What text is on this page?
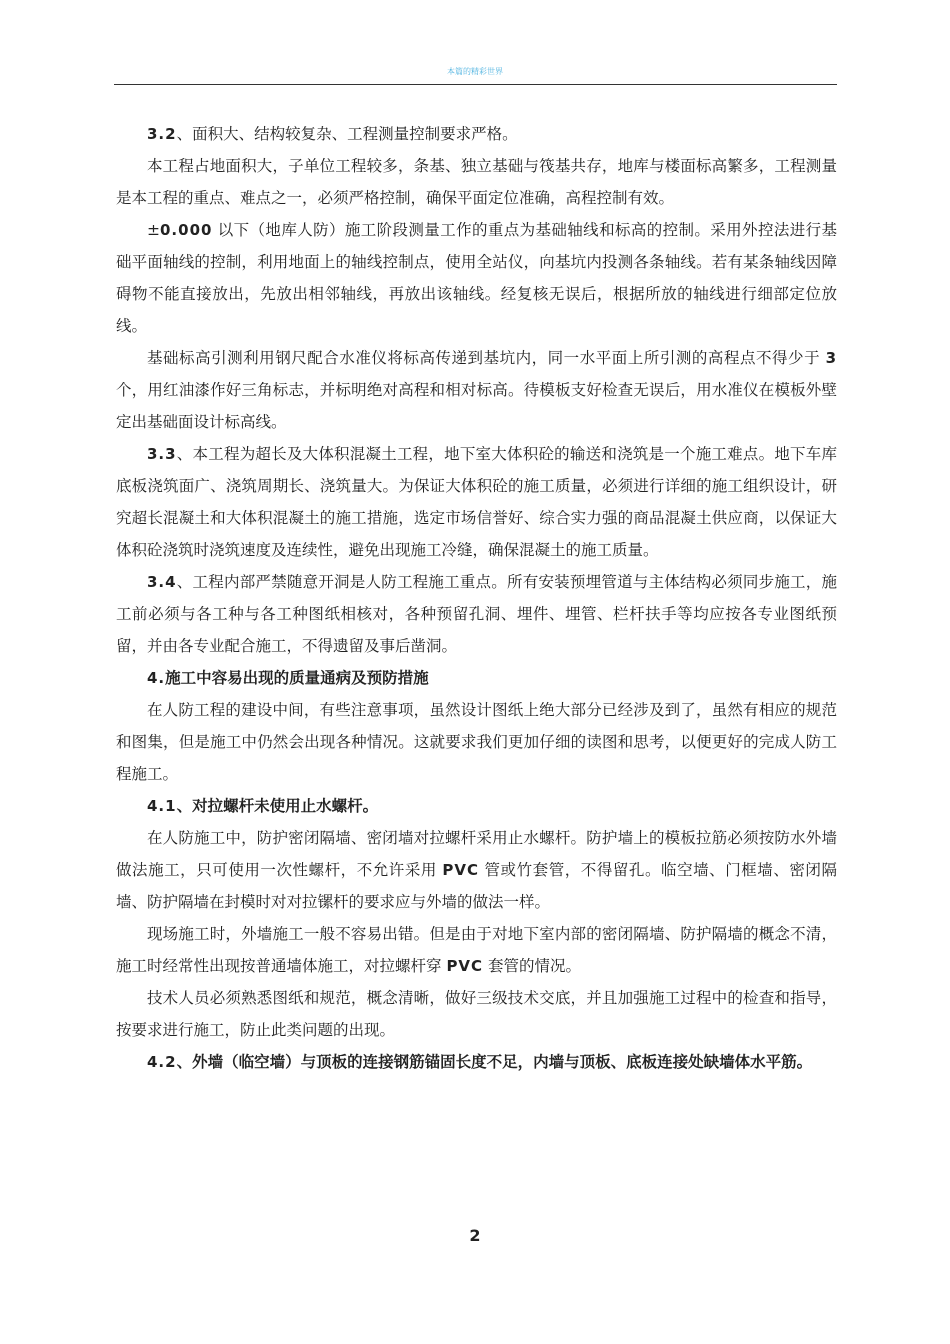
本篇的精彩世界

3.2、面积大、结构较复杂、工程测量控制要求严格。

本工程占地面积大，子单位工程较多，条基、独立基础与筏基共存，地库与楼面标高繁多，工程测量是本工程的重点、难点之一，必须严格控制，确保平面定位准确，高程控制有效。

±0.000 以下（地库人防）施工阶段测量工作的重点为基础轴线和标高的控制。采用外控法进行基础平面轴线的控制，利用地面上的轴线控制点，使用全站仪，向基坑内投测各条轴线。若有某条轴线因障碍物不能直接放出，先放出相邻轴线，再放出该轴线。经复核无误后，根据所放的轴线进行细部定位放线。

基础标高引测利用钢尺配合水准仪将标高传递到基坑内，同一水平面上所引测的高程点不得少于 3 个，用红油漆作好三角标志，并标明绝对高程和相对标高。待模板支好检查无误后，用水准仪在模板外壁定出基础面设计标高线。

3.3、本工程为超长及大体积混凝土工程，地下室大体积砼的输送和浇筑是一个施工难点。地下车库底板浇筑面广、浇筑周期长、浇筑量大。为保证大体积砼的施工质量，必须进行详细的施工组织设计，研究超长混凝土和大体积混凝土的施工措施，选定市场信誉好、综合实力强的商品混凝土供应商，以保证大体积砼浇筑时浇筑速度及连续性，避免出现施工冷缝，确保混凝土的施工质量。

3.4、工程内部严禁随意开洞是人防工程施工重点。所有安装预埋管道与主体结构必须同步施工，施工前必须与各工种与各工种图纸相核对，各种预留孔洞、埋件、埋管、栏杆扶手等均应按各专业图纸预留，并由各专业配合施工，不得遗留及事后凿洞。

4.施工中容易出现的质量通病及预防措施

在人防工程的建设中间，有些注意事项，虽然设计图纸上绝大部分已经涉及到了，虽然有相应的规范和图集，但是施工中仍然会出现各种情况。这就要求我们更加仔细的读图和思考，以便更好的完成人防工程施工。

4.1、对拉螺杆未使用止水螺杆。

在人防施工中，防护密闭隔墙、密闭墙对拉螺杆采用止水螺杆。防护墙上的模板拉筋必须按防水外墙做法施工，只可使用一次性螺杆，不允许采用 PVC 管或竹套管，不得留孔。临空墙、门框墙、密闭隔墙、防护隔墙在封模时对对拉镙杆的要求应与外墙的做法一样。

现场施工时，外墙施工一般不容易出错。但是由于对地下室内部的密闭隔墙、防护隔墙的概念不清，施工时经常性出现按普通墙体施工，对拉螺杆穿 PVC 套管的情况。

技术人员必须熟悉图纸和规范，概念清晰，做好三级技术交底，并且加强施工过程中的检查和指导，按要求进行施工，防止此类问题的出现。

4.2、外墙（临空墙）与顶板的连接钢筋锚固长度不足，内墙与顶板、底板连接处缺墙体水平筋。

2
